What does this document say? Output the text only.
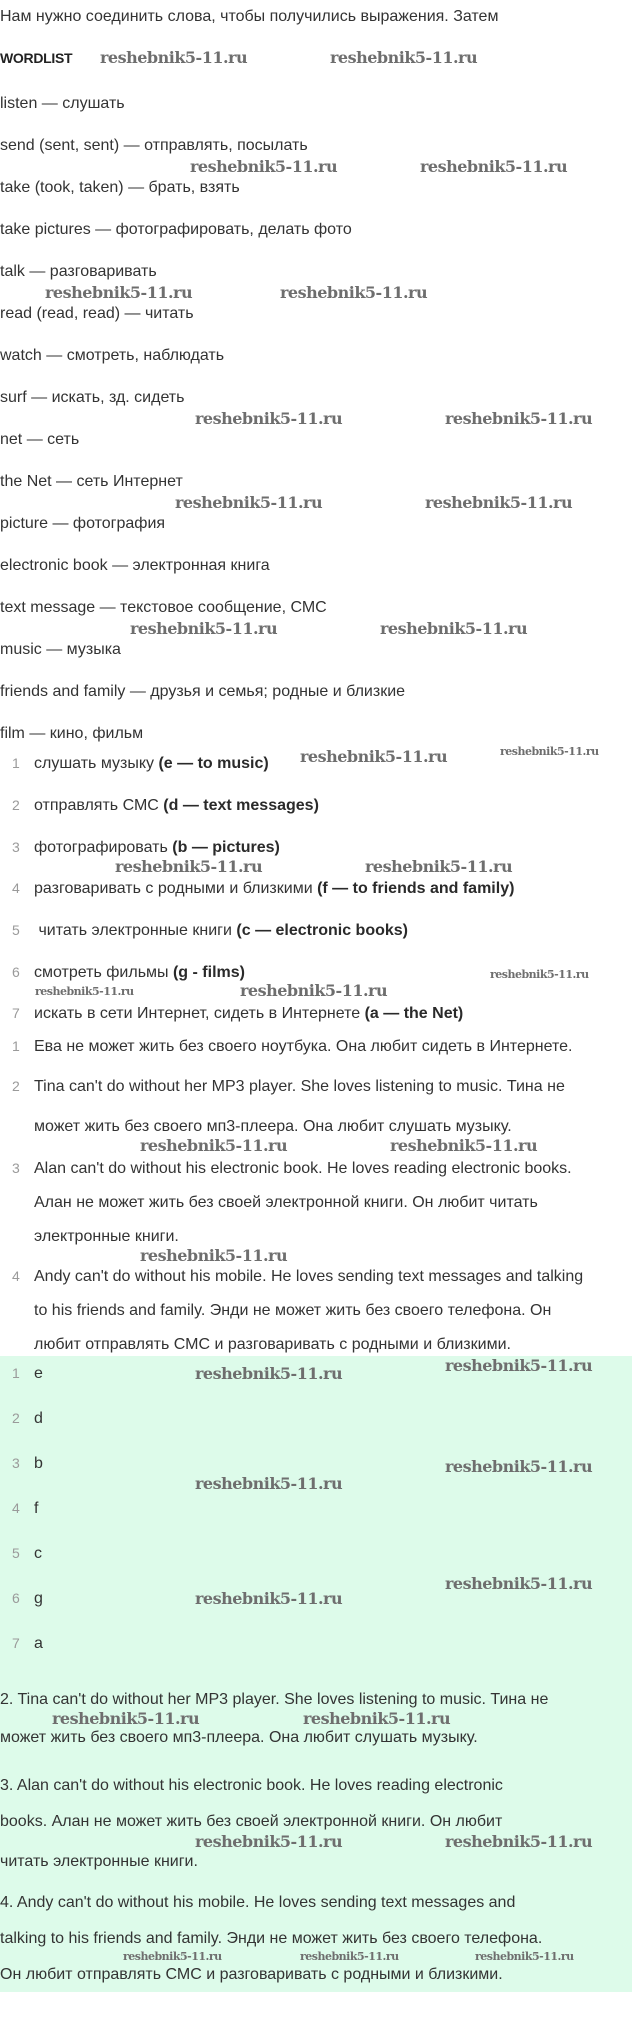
Нам нужно соединить слова, чтобы получились выражения. Затем
WORDLIST
listen — слушать
send (sent, sent) — отправлять, посылать
take (took, taken) — брать, взять
take pictures — фотографировать, делать фото
talk — разговаривать
read (read, read) — читать
watch — смотреть, наблюдать
surf — искать, зд. сидеть
net — сеть
the Net — сеть Интернет
picture — фотография
electronic book — электронная книга
text message — текстовое сообщение, СМС
music — музыка
friends and family — друзья и семья; родные и близкие
film — кино, фильм
1 слушать музыку (e — to music)
2 отправлять СМС (d — text messages)
3 фотографировать (b — pictures)
4 разговаривать с родными и близкими (f — to friends and family)
5 читать электронные книги (c — electronic books)
6 смотреть фильмы (g - films)
7 искать в сети Интернет, сидеть в Интернете (a — the Net)
1 Ева не может жить без своего ноутбука. Она любит сидеть в Интернете.
2 Tina can't do without her MP3 player. She loves listening to music. Тина не
может жить без своего мп3-плеера. Она любит слушать музыку.
3 Alan can't do without his electronic book. He loves reading electronic books.
Алан не может жить без своей электронной книги. Он любит читать
электронные книги.
4 Andy can't do without his mobile. He loves sending text messages and talking
to his friends and family. Энди не может жить без своего телефона. Он
любит отправлять СМС и разговаривать с родными и близкими.
1 e
2 d
3 b
4 f
5 c
6 g
7 a
2. Tina can't do without her MP3 player. She loves listening to music. Тина не
может жить без своего мп3-плеера. Она любит слушать музыку.
3. Alan can't do without his electronic book. He loves reading electronic
books. Алан не может жить без своей электронной книги. Он любит
читать электронные книги.
4. Andy can't do without his mobile. He loves sending text messages and
talking to his friends and family. Энди не может жить без своего телефона.
Он любит отправлять СМС и разговаривать с родными и близкими.
reshebnik5-11.ru	reshebnik5-11.ru
reshebnik5-11.ru	reshebnik5-11.ru
reshebnik5-11.ru	reshebnik5-11.ru
reshebnik5-11.ru	reshebnik5-11.ru
reshebnik5-11.ru	reshebnik5-11.ru
reshebnik5-11.ru	reshebnik5-11.ru
reshebnik5-11.ru
reshebnik5-11.ru
reshebnik5-11.ru	reshebnik5-11.ru
reshebnik5-11.ru
reshebnik5-11.ru	reshebnik5-11.ru
reshebnik5-11.ru	reshebnik5-11.ru
reshebnik5-11.ru
reshebnik5-11.ru
reshebnik5-11.ru
reshebnik5-11.ru
reshebnik5-11.ru
reshebnik5-11.ru
reshebnik5-11.ru
reshebnik5-11.ru	reshebnik5-11.ru
reshebnik5-11.ru	reshebnik5-11.ru
reshebnik5-11.ru	reshebnik5-11.ru	reshebnik5-11.ru
